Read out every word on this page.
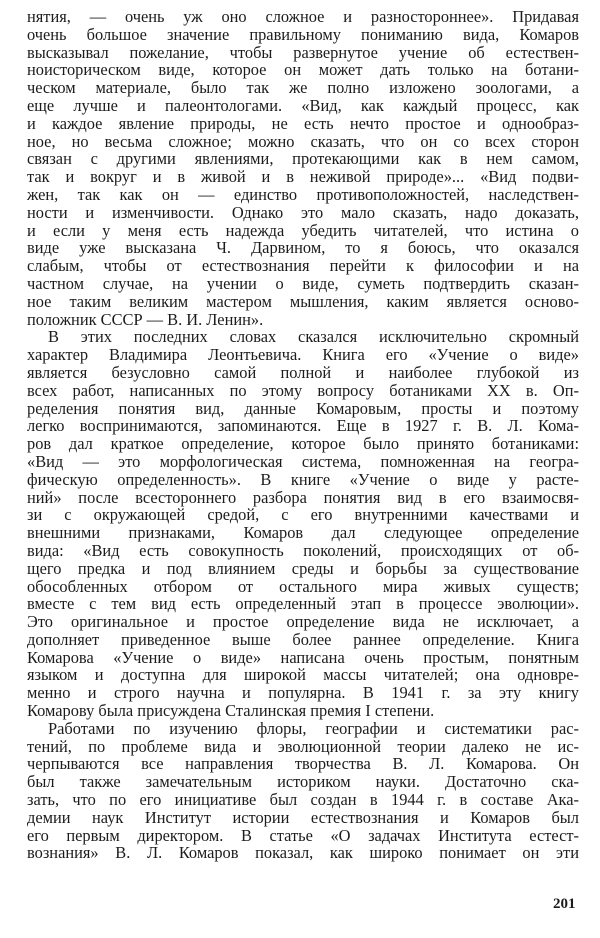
нятия, — очень уж оно сложное и разностороннее». Придавая
очень большое значение правильному пониманию вида, Комаров
высказывал пожелание, чтобы развернутое учение об естествен-
ноисторическом виде, которое он может дать только на ботани-
ческом материале, было так же полно изложено зоологами, а
еще лучше и палеонтологами. «Вид, как каждый процесс, как
и каждое явление природы, не есть нечто простое и однообраз-
ное, но весьма сложное; можно сказать, что он со всех сторон
связан с другими явлениями, протекающими как в нем самом,
так и вокруг и в живой и в неживой природе»... «Вид подви-
жен, так как он — единство противоположностей, наследствен-
ности и изменчивости. Однако это мало сказать, надо доказать,
и если у меня есть надежда убедить читателей, что истина о
виде уже высказана Ч. Дарвином, то я боюсь, что оказался
слабым, чтобы от естествознания перейти к философии и на
частном случае, на учении о виде, суметь подтвердить сказан-
ное таким великим мастером мышления, каким является осново-
положник СССР — В. И. Ленин».
В этих последних словах сказался исключительно скромный
характер Владимира Леонтьевича. Книга его «Учение о виде»
является безусловно самой полной и наиболее глубокой из
всех работ, написанных по этому вопросу ботаниками XX в. Оп-
ределения понятия вид, данные Комаровым, просты и поэтому
легко воспринимаются, запоминаются. Еще в 1927 г. В. Л. Кома-
ров дал краткое определение, которое было принято ботаниками:
«Вид — это морфологическая система, помноженная на геогра-
фическую определенность». В книге «Учение о виде у расте-
ний» после всестороннего разбора понятия вид в его взаимосвя-
зи с окружающей средой, с его внутренними качествами и
внешними признаками, Комаров дал следующее определение
вида: «Вид есть совокупность поколений, происходящих от об-
щего предка и под влиянием среды и борьбы за существование
обособленных отбором от остального мира живых существ;
вместе с тем вид есть определенный этап в процессе эволюции».
Это оригинальное и простое определение вида не исключает, а
дополняет приведенное выше более раннее определение. Книга
Комарова «Учение о виде» написана очень простым, понятным
языком и доступна для широкой массы читателей; она одновре-
менно и строго научна и популярна. В 1941 г. за эту книгу
Комарову была присуждена Сталинская премия I степени.
Работами по изучению флоры, географии и систематики рас-
тений, по проблеме вида и эволюционной теории далеко не ис-
черпываются все направления творчества В. Л. Комарова. Он
был также замечательным историком науки. Достаточно ска-
зать, что по его инициативе был создан в 1944 г. в составе Ака-
демии наук Институт истории естествознания и Комаров был
его первым директором. В статье «О задачах Института естест-
вознания» В. Л. Комаров показал, как широко понимает он эти
201
